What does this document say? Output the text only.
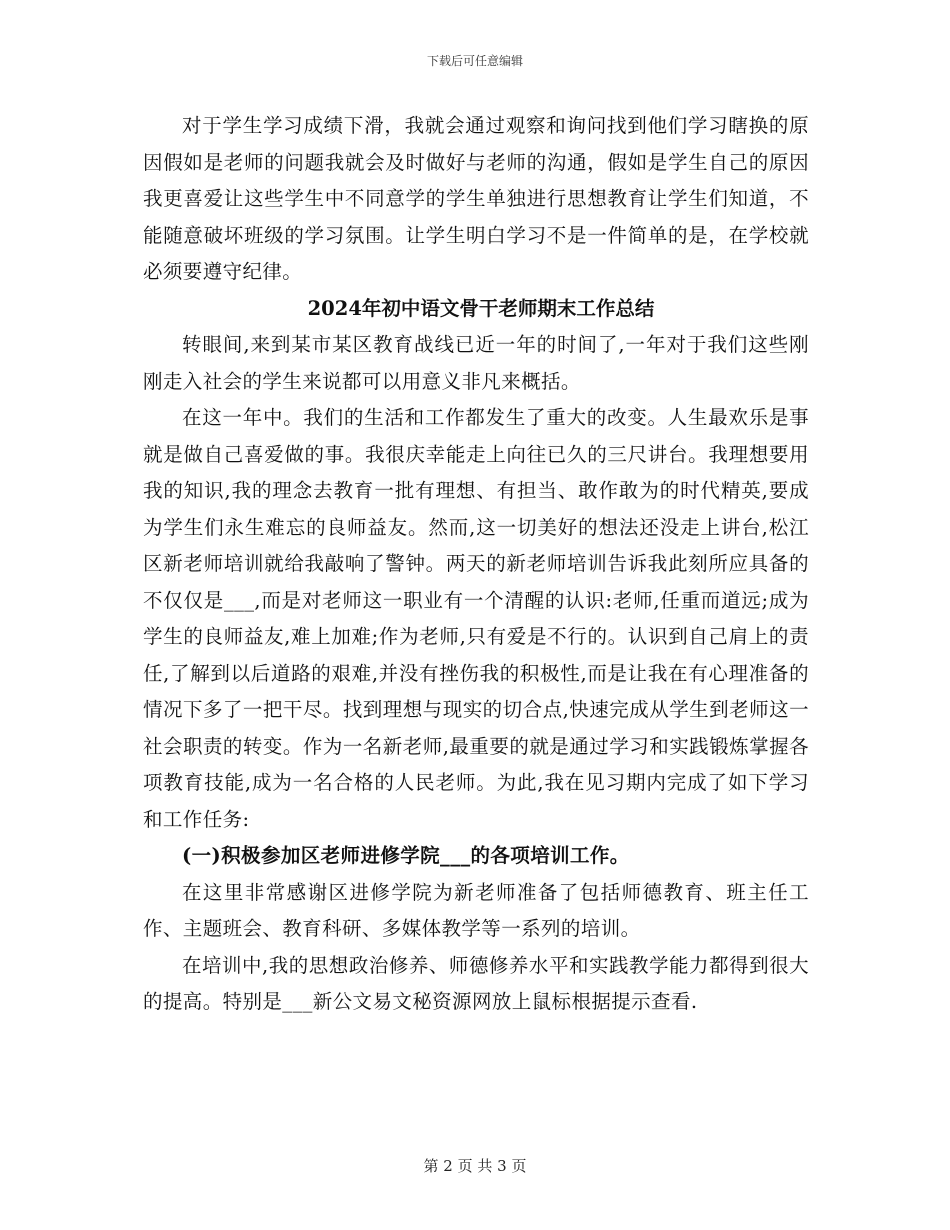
下载后可任意编辑

对于学生学习成绩下滑，我就会通过观察和询问找到他们学习瞎换的原因假如是老师的问题我就会及时做好与老师的沟通，假如是学生自己的原因我更喜爱让这些学生中不同意学的学生单独进行思想教育让学生们知道，不能随意破坏班级的学习氛围。让学生明白学习不是一件简单的是，在学校就必须要遵守纪律。

2024年初中语文骨干老师期末工作总结

转眼间,来到某市某区教育战线已近一年的时间了,一年对于我们这些刚刚走入社会的学生来说都可以用意义非凡来概括。

在这一年中。我们的生活和工作都发生了重大的改变。人生最欢乐是事就是做自己喜爱做的事。我很庆幸能走上向往已久的三尺讲台。我理想要用我的知识,我的理念去教育一批有理想、有担当、敢作敢为的时代精英,要成为学生们永生难忘的良师益友。然而,这一切美好的想法还没走上讲台,松江区新老师培训就给我敲响了警钟。两天的新老师培训告诉我此刻所应具备的不仅仅是___,而是对老师这一职业有一个清醒的认识:老师,任重而道远;成为学生的良师益友,难上加难;作为老师,只有爱是不行的。认识到自己肩上的责任,了解到以后道路的艰难,并没有挫伤我的积极性,而是让我在有心理准备的情况下多了一把干尽。找到理想与现实的切合点,快速完成从学生到老师这一社会职责的转变。作为一名新老师,最重要的就是通过学习和实践锻炼掌握各项教育技能,成为一名合格的人民老师。为此,我在见习期内完成了如下学习和工作任务:

(一)积极参加区老师进修学院___的各项培训工作。

在这里非常感谢区进修学院为新老师准备了包括师德教育、班主任工作、主题班会、教育科研、多媒体教学等一系列的培训。

在培训中,我的思想政治修养、师德修养水平和实践教学能力都得到很大的提高。特别是___新公文易文秘资源网放上鼠标根据提示查看.

第 2 页 共 3 页
